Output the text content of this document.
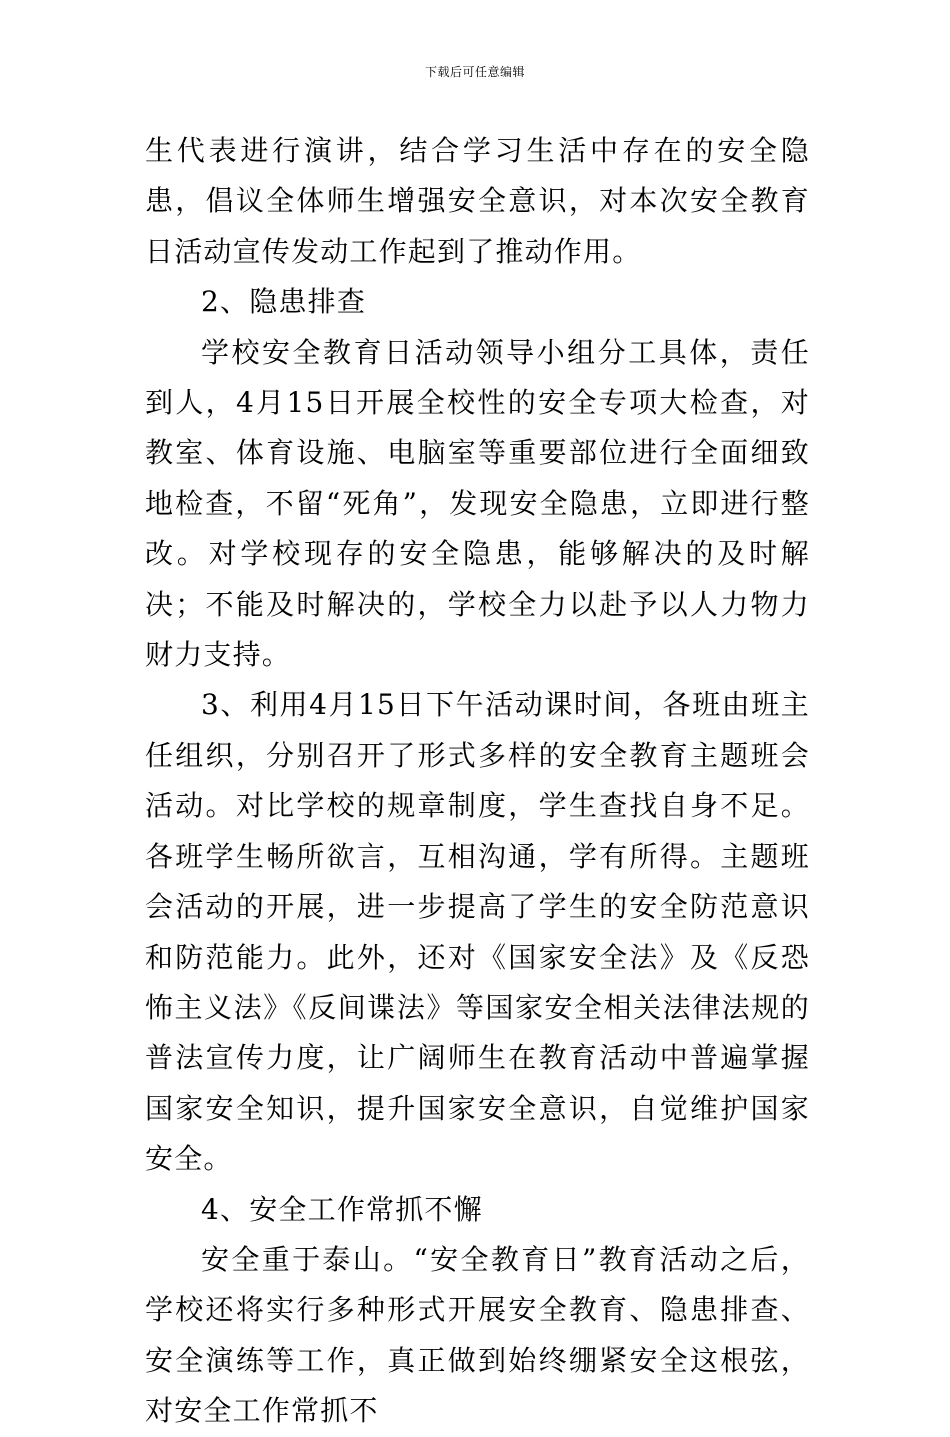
下载后可任意编辑

生代表进行演讲，结合学习生活中存在的安全隐患，倡议全体师生增强安全意识，对本次安全教育日活动宣传发动工作起到了推动作用。

2、隐患排查

学校安全教育日活动领导小组分工具体，责任到人，4月15日开展全校性的安全专项大检查，对教室、体育设施、电脑室等重要部位进行全面细致地检查，不留“死角”，发现安全隐患，立即进行整改。对学校现存的安全隐患，能够解决的及时解决；不能及时解决的，学校全力以赴予以人力物力财力支持。

3、利用4月15日下午活动课时间，各班由班主任组织，分别召开了形式多样的安全教育主题班会活动。对比学校的规章制度，学生查找自身不足。各班学生畅所欲言，互相沟通，学有所得。主题班会活动的开展，进一步提高了学生的安全防范意识和防范能力。此外，还对《国家安全法》及《反恐怖主义法》《反间谍法》等国家安全相关法律法规的普法宣传力度，让广阔师生在教育活动中普遍掌握国家安全知识，提升国家安全意识，自觉维护国家安全。

4、安全工作常抓不懈

安全重于泰山。“安全教育日”教育活动之后，学校还将实行多种形式开展安全教育、隐患排查、安全演练等工作，真正做到始终绷紧安全这根弦，对安全工作常抓不
